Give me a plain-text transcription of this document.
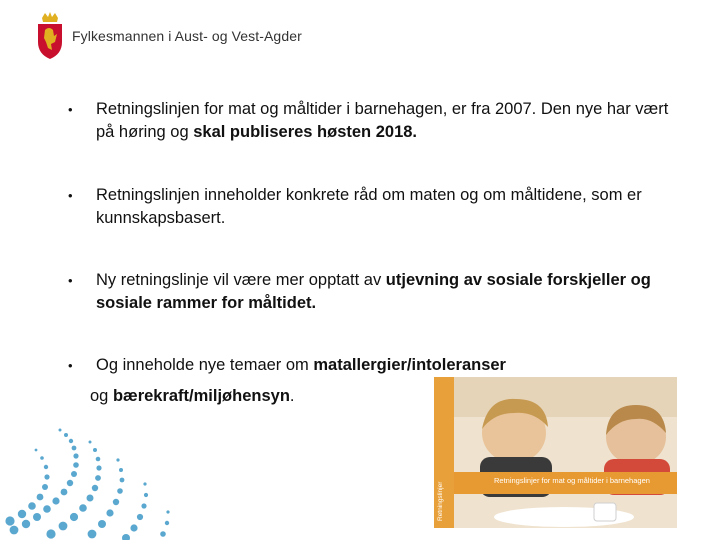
Fylkesmannen i Aust- og Vest-Agder
•	Retningslinjen for mat og måltider i barnehagen, er fra 2007. Den nye har vært på høring og skal publiseres høsten 2018.
•	Retningslinjen inneholder konkrete råd om maten og om måltidene, som er kunnskapsbasert.
•	Ny retningslinje vil være mer opptatt av utjevning av sosiale forskjeller og sosiale rammer for måltidet.
•	Og inneholde nye temaer om matallergier/intoleranser
og bærekraft/miljøhensyn.
Retningslinjer
Retningslinjer for mat og måltider i barnehagen
